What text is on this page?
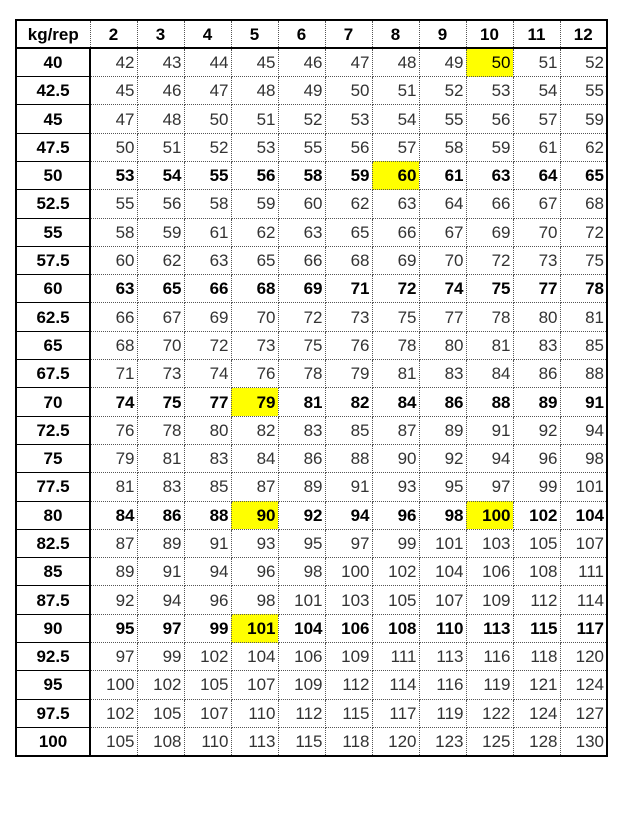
kg/rep	2	3	4	5	6	7	8	9	10	11	12
40	42	43	44	45	46	47	48	49	50	51	52
42.5	45	46	47	48	49	50	51	52	53	54	55
45	47	48	50	51	52	53	54	55	56	57	59
47.5	50	51	52	53	55	56	57	58	59	61	62
50	53	54	55	56	58	59	60	61	63	64	65
52.5	55	56	58	59	60	62	63	64	66	67	68
55	58	59	61	62	63	65	66	67	69	70	72
57.5	60	62	63	65	66	68	69	70	72	73	75
60	63	65	66	68	69	71	72	74	75	77	78
62.5	66	67	69	70	72	73	75	77	78	80	81
65	68	70	72	73	75	76	78	80	81	83	85
67.5	71	73	74	76	78	79	81	83	84	86	88
70	74	75	77	79	81	82	84	86	88	89	91
72.5	76	78	80	82	83	85	87	89	91	92	94
75	79	81	83	84	86	88	90	92	94	96	98
77.5	81	83	85	87	89	91	93	95	97	99	101
80	84	86	88	90	92	94	96	98	100	102	104
82.5	87	89	91	93	95	97	99	101	103	105	107
85	89	91	94	96	98	100	102	104	106	108	111
87.5	92	94	96	98	101	103	105	107	109	112	114
90	95	97	99	101	104	106	108	110	113	115	117
92.5	97	99	102	104	106	109	111	113	116	118	120
95	100	102	105	107	109	112	114	116	119	121	124
97.5	102	105	107	110	112	115	117	119	122	124	127
100	105	108	110	113	115	118	120	123	125	128	130
